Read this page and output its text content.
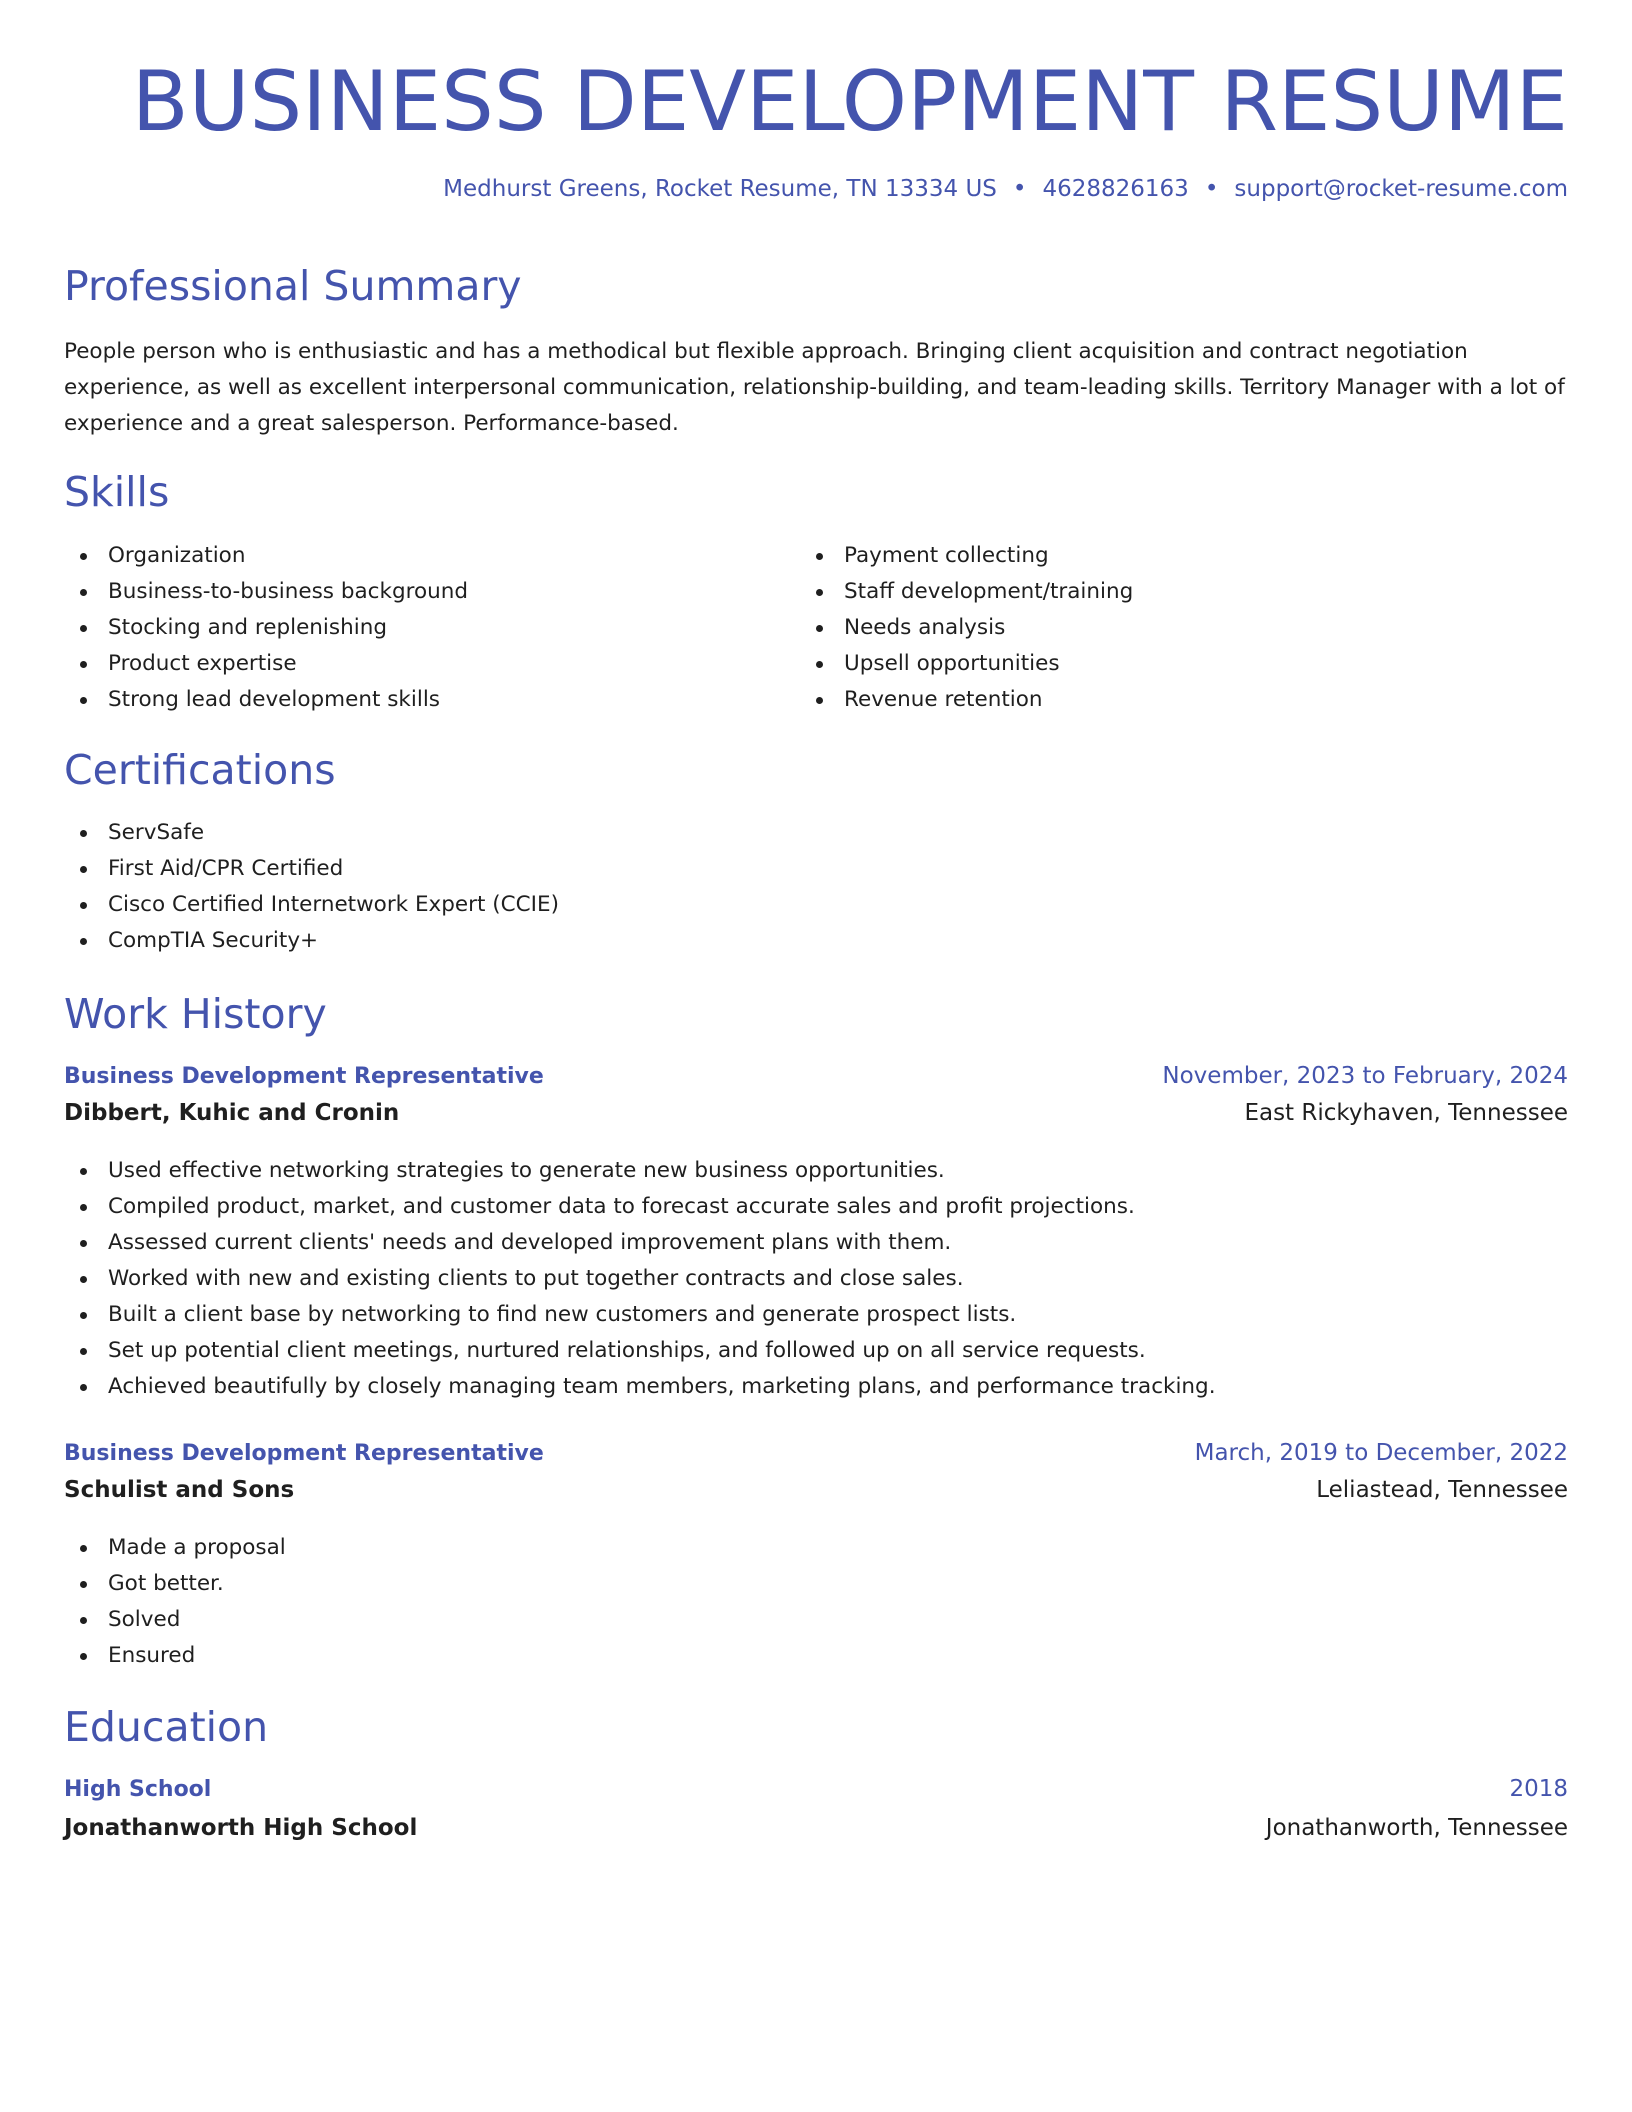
BUSINESS DEVELOPMENT RESUME
Medhurst Greens, Rocket Resume, TN 13334 US • 4628826163 • support@rocket-resume.com
Professional Summary

People person who is enthusiastic and has a methodical but flexible approach. Bringing client acquisition and contract negotiation experience, as well as excellent interpersonal communication, relationship-building, and team-leading skills. Territory Manager with a lot of experience and a great salesperson. Performance-based.

Skills
Organization
Business-to-business background
Stocking and replenishing
Product expertise
Strong lead development skills
Payment collecting
Staff development/training
Needs analysis
Upsell opportunities
Revenue retention
Certifications
ServSafe
First Aid/CPR Certified
Cisco Certified Internetwork Expert (CCIE)
CompTIA Security+
Work History
Business Development Representative	November, 2023 to February, 2024
Dibbert, Kuhic and Cronin	East Rickyhaven, Tennessee
Used effective networking strategies to generate new business opportunities.
Compiled product, market, and customer data to forecast accurate sales and profit projections.
Assessed current clients' needs and developed improvement plans with them.
Worked with new and existing clients to put together contracts and close sales.
Built a client base by networking to find new customers and generate prospect lists.
Set up potential client meetings, nurtured relationships, and followed up on all service requests.
Achieved beautifully by closely managing team members, marketing plans, and performance tracking.
Business Development Representative	March, 2019 to December, 2022
Schulist and Sons	Leliastead, Tennessee
Made a proposal
Got better.
Solved
Ensured
Education
High School	2018
Jonathanworth High School	Jonathanworth, Tennessee
